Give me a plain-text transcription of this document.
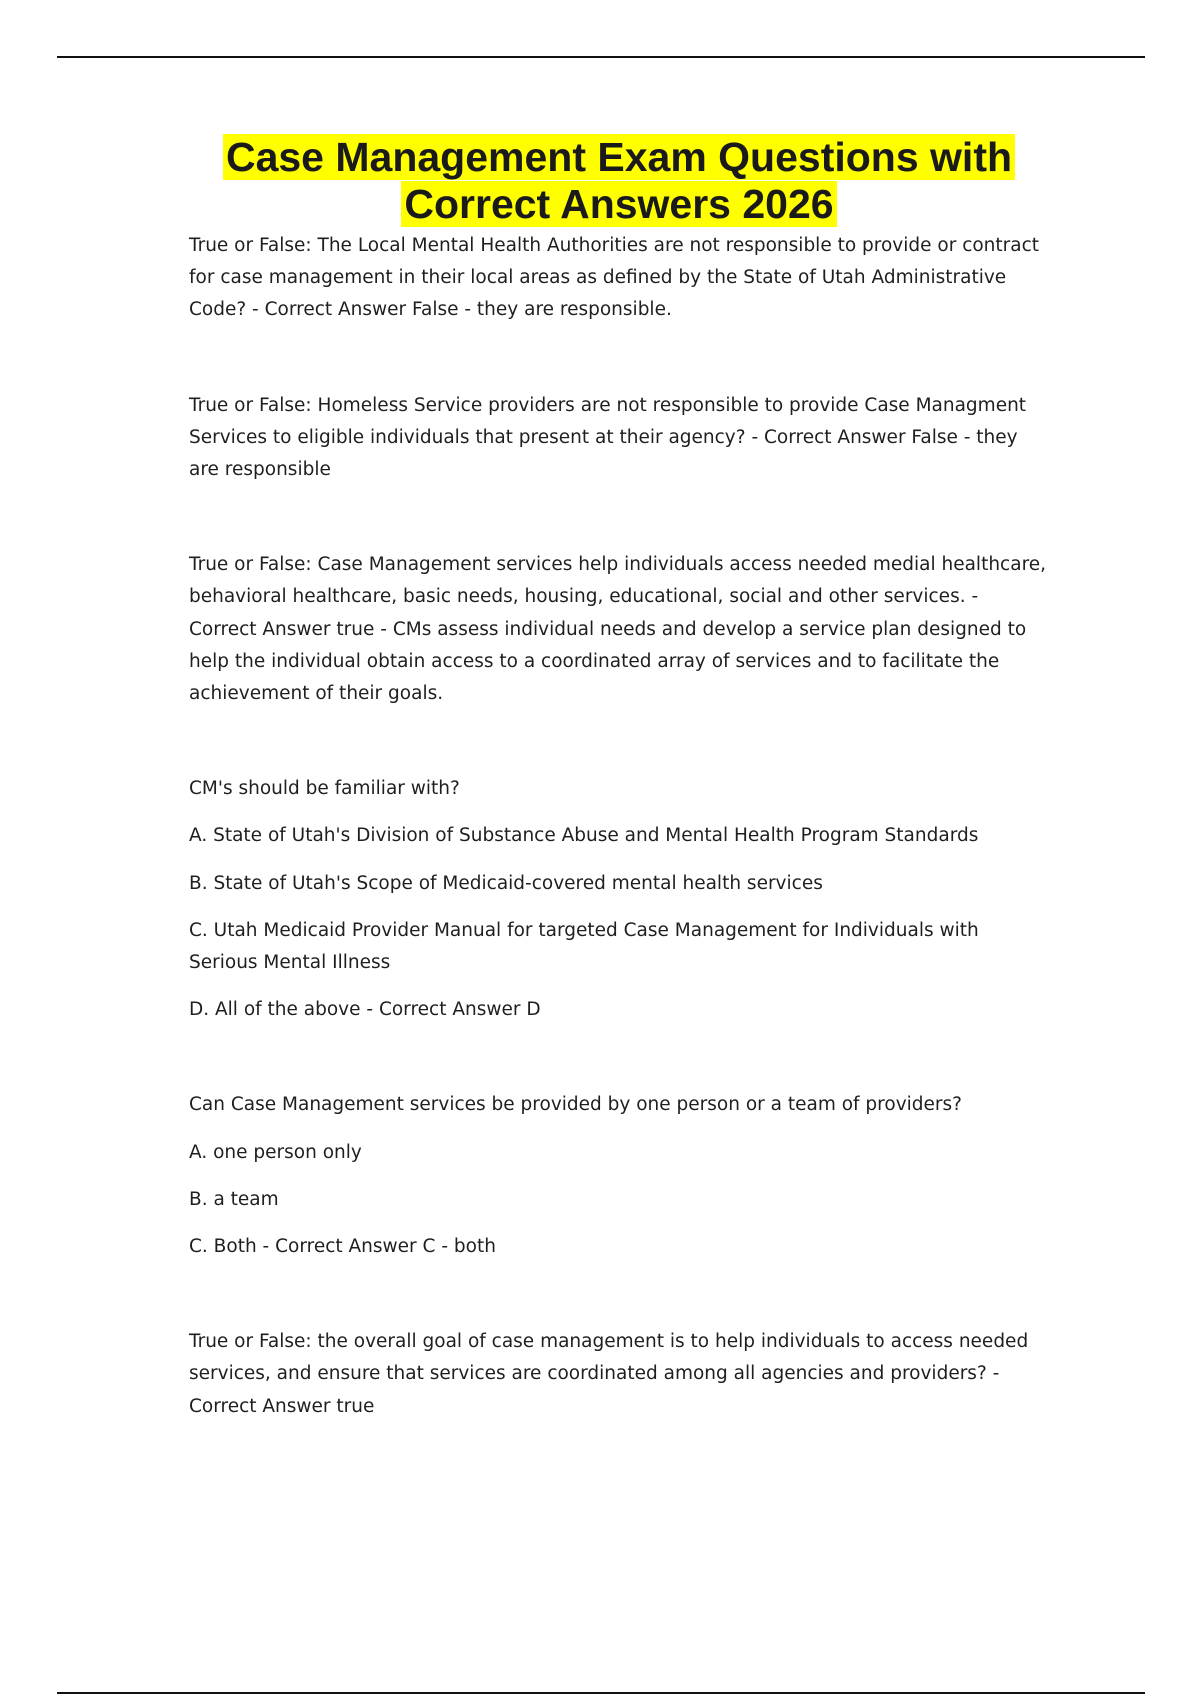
Case Management Exam Questions with
Correct Answers 2026

True or False: The Local Mental Health Authorities are not responsible to provide or contract for case management in their local areas as defined by the State of Utah Administrative Code? - Correct Answer False - they are responsible.

True or False: Homeless Service providers are not responsible to provide Case Managment Services to eligible individuals that present at their agency? - Correct Answer False - they are responsible

True or False: Case Management services help individuals access needed medial healthcare, behavioral healthcare, basic needs, housing, educational, social and other services. - Correct Answer true - CMs assess individual needs and develop a service plan designed to help the individual obtain access to a coordinated array of services and to facilitate the achievement of their goals.

CM's should be familiar with?

A. State of Utah's Division of Substance Abuse and Mental Health Program Standards

B. State of Utah's Scope of Medicaid-covered mental health services

C. Utah Medicaid Provider Manual for targeted Case Management for Individuals with Serious Mental Illness

D. All of the above - Correct Answer D

Can Case Management services be provided by one person or a team of providers?

A. one person only

B. a team

C. Both - Correct Answer C - both

True or False: the overall goal of case management is to help individuals to access needed services, and ensure that services are coordinated among all agencies and providers? - Correct Answer true
